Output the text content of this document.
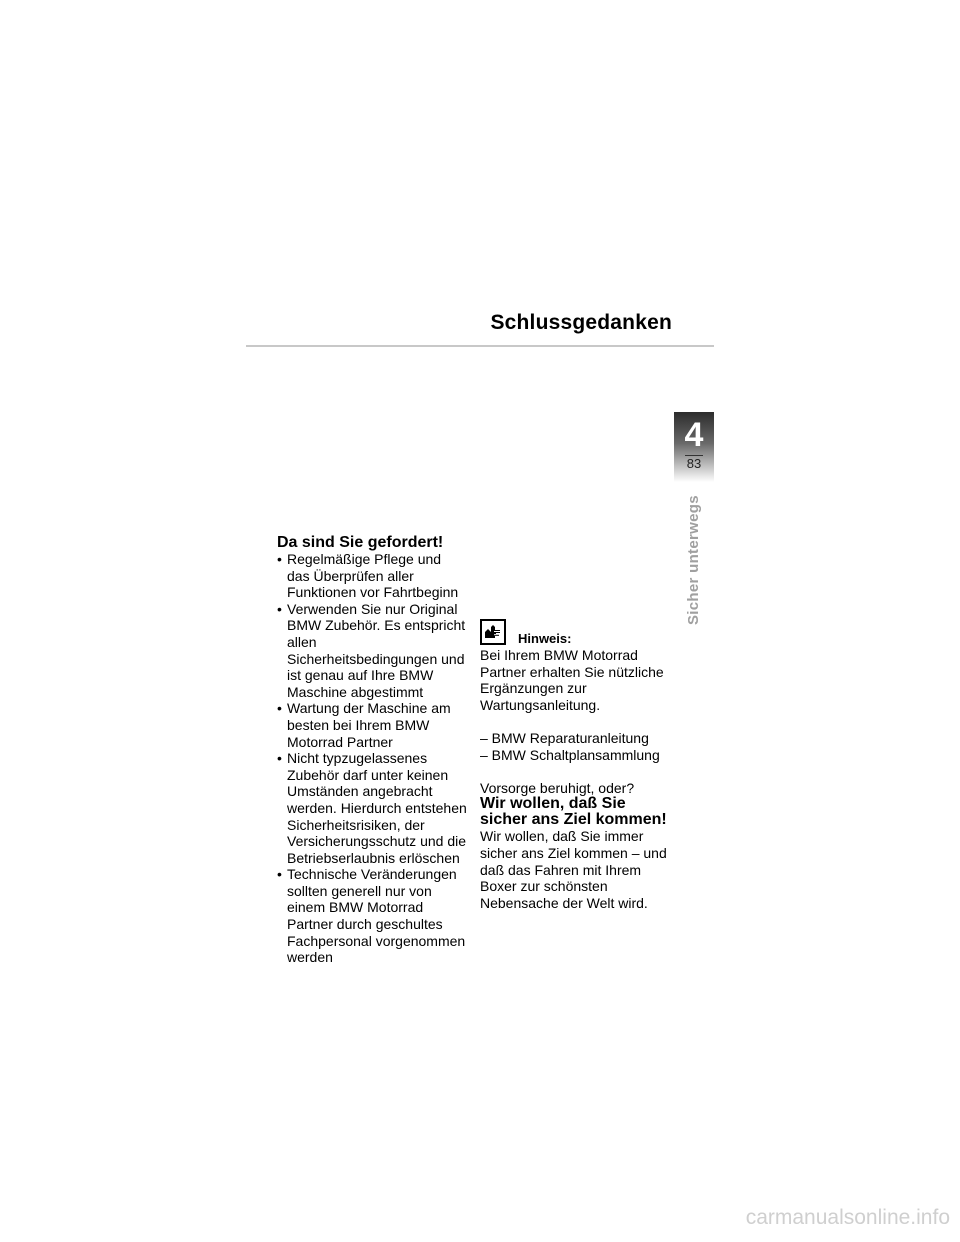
Schlussgedanken
4
83
Sicher unterwegs
Da sind Sie gefordert!
• Regelmäßige Pflege und das Überprüfen aller Funktionen vor Fahrtbeginn
• Verwenden Sie nur Original BMW Zubehör. Es entspricht allen Sicherheitsbedingungen und ist genau auf Ihre BMW Maschine abgestimmt
• Wartung der Maschine am besten bei Ihrem BMW Motorrad Partner
• Nicht typzugelassenes Zubehör darf unter keinen Umständen angebracht werden. Hierdurch entstehen Sicherheitsrisiken, der Versicherungsschutz und die Betriebserlaubnis erlöschen
• Technische Veränderungen sollten generell nur von einem BMW Motorrad Partner durch geschultes Fachpersonal vorgenommen werden
Hinweis:

Bei Ihrem BMW Motorrad Partner erhalten Sie nützliche Ergänzungen zur Wartungsanleitung.

– BMW Reparaturanleitung
– BMW Schaltplansammlung

Vorsorge beruhigt, oder?

Wir wollen, daß Sie sicher ans Ziel kommen!

Wir wollen, daß Sie immer sicher ans Ziel kommen – und daß das Fahren mit Ihrem Boxer zur schönsten Nebensache der Welt wird.

carmanualsonline.info
